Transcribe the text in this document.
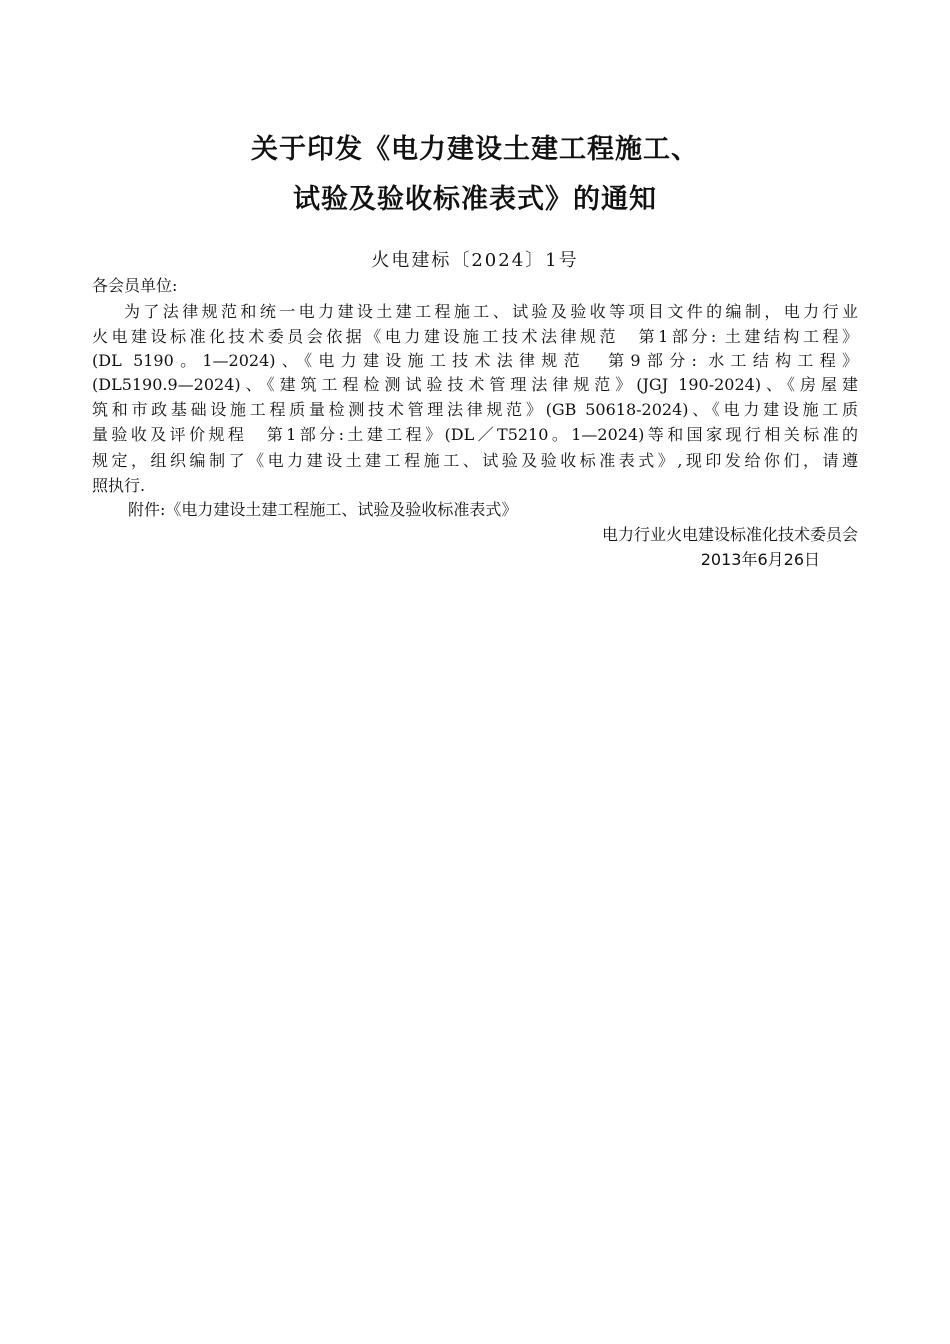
关于印发《电力建设土建工程施工、
试验及验收标准表式》的通知
火电建标〔2024〕1号
各会员单位:
为了法律规范和统一电力建设土建工程施工、试验及验收等项目文件的编制，电力行业
火电建设标准化技术委员会依据《电力建设施工技术法律规范　第1部分: 土建结构工程》
(DL 5190。1—2024)、《电力建设施工技术法律规范　第9部分: 水工结构工程》
(DL5190.9—2024)、《建筑工程检测试验技术管理法律规范》(JGJ 190-2024)、《房屋建
筑和市政基础设施工程质量检测技术管理法律规范》(GB 50618-2024)、《电力建设施工质
量验收及评价规程　第1部分:土建工程》(DL／T5210。1—2024)等和国家现行相关标准的
规定，组织编制了《电力建设土建工程施工、试验及验收标准表式》,现印发给你们，请遵
照执行.
附件:《电力建设土建工程施工、试验及验收标准表式》
电力行业火电建设标准化技术委员会
2013年6月26日
